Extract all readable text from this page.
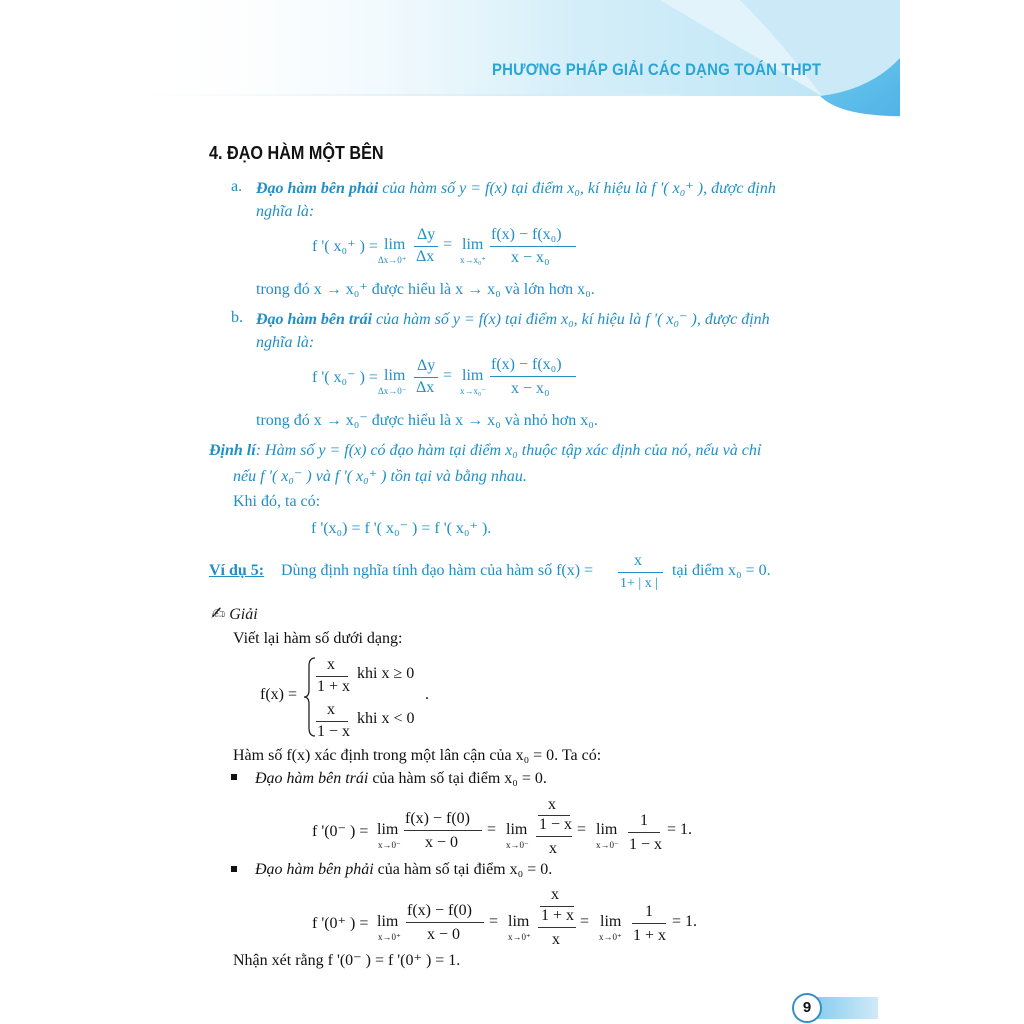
PHƯƠNG PHÁP GIẢI CÁC DẠNG TOÁN THPT
4. ĐẠO HÀM MỘT BÊN
a. Đạo hàm bên phải của hàm số y = f(x) tại điểm x₀, kí hiệu là f '( x₀⁺ ), được định
nghĩa là:
f '( x₀⁺ ) = lim
Δx→0⁺
Δy
Δx
= lim
x→x₀⁺
f(x) − f(x₀)
x − x₀
trong đó x → x₀⁺ được hiểu là x → x₀ và lớn hơn x₀.
b. Đạo hàm bên trái của hàm số y = f(x) tại điểm x₀, kí hiệu là f '( x₀⁻ ), được định
nghĩa là:
f '( x₀⁻ ) = lim
Δx→0⁻
Δy
Δx
= lim
x→x₀⁻
f(x) − f(x₀)
x − x₀
trong đó x → x₀⁻ được hiểu là x → x₀ và nhỏ hơn x₀.
Định lí: Hàm số y = f(x) có đạo hàm tại điểm x₀ thuộc tập xác định của nó, nếu và chỉ
nếu f '( x₀⁻ ) và f '( x₀⁺ ) tồn tại và bằng nhau.
Khi đó, ta có:
f '(x₀) = f '( x₀⁻ ) = f '( x₀⁺ ).
Ví dụ 5: Dùng định nghĩa tính đạo hàm của hàm số f(x) =
x
1+ | x |
tại điểm x₀ = 0.
✍ Giải
Viết lại hàm số dưới dạng:
f(x) =
x
1 + x
khi x ≥ 0
x
1 − x
khi x < 0
.
Hàm số f(x) xác định trong một lân cận của x₀ = 0. Ta có:
Đạo hàm bên trái của hàm số tại điểm x₀ = 0.
f '(0⁻ ) = lim
x→0⁻
f(x) − f(0)
x − 0
= lim
x→0⁻
x
1 − x
x
= lim
x→0⁻
1
1 − x
= 1.
Đạo hàm bên phải của hàm số tại điểm x₀ = 0.
f '(0⁺ ) = lim
x→0⁺
f(x) − f(0)
x − 0
= lim
x→0⁺
x
1 + x
x
= lim
x→0⁺
1
1 + x
= 1.
Nhận xét rằng f '(0⁻ ) = f '(0⁺ ) = 1.
9
